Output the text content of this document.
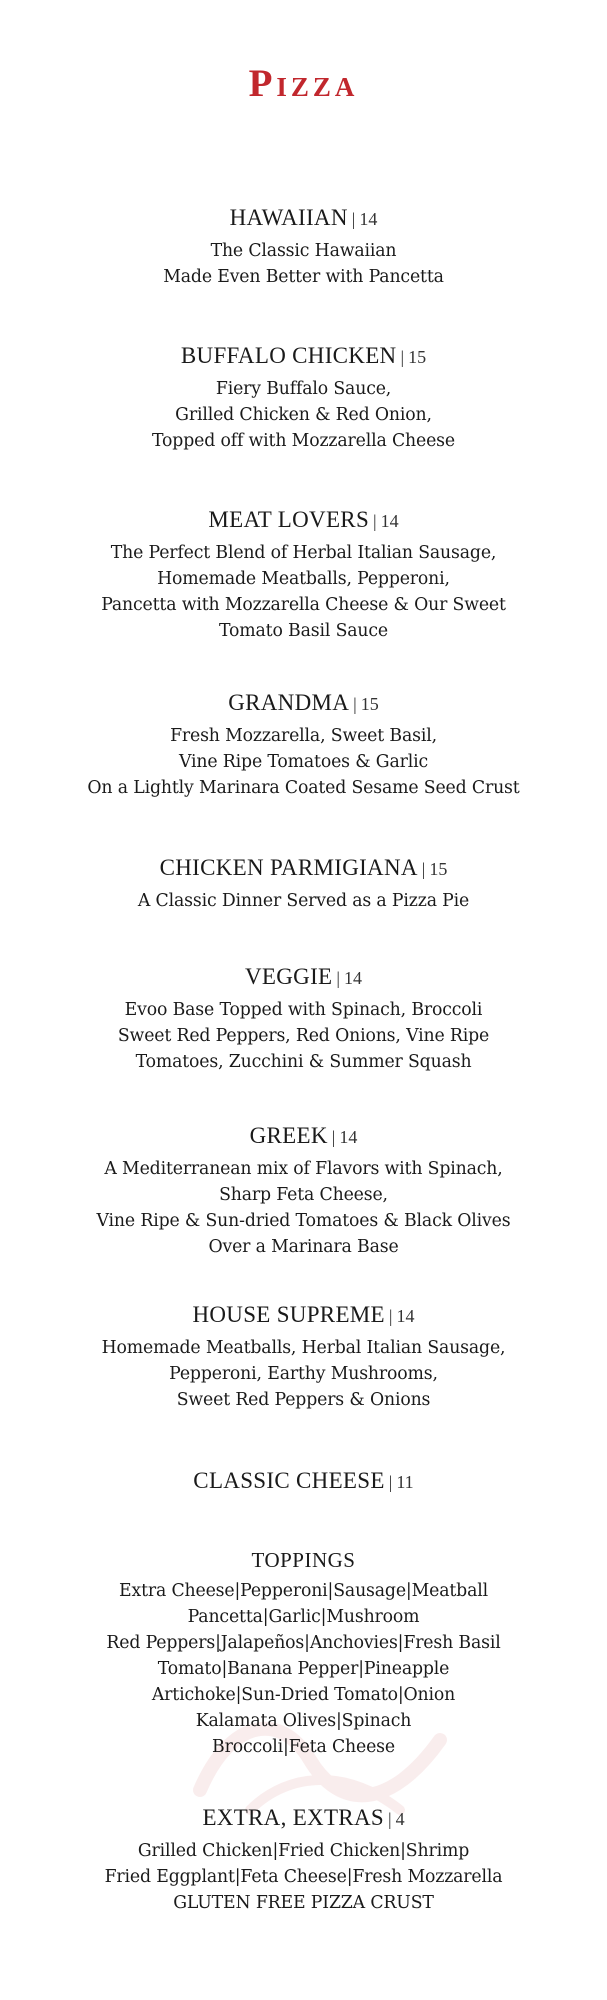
Pizza
HAWAIIAN | 14
The Classic Hawaiian
Made Even Better with Pancetta
BUFFALO CHICKEN | 15
Fiery Buffalo Sauce,
Grilled Chicken & Red Onion,
Topped off with Mozzarella Cheese
MEAT LOVERS | 14
The Perfect Blend of Herbal Italian Sausage,
Homemade Meatballs, Pepperoni,
Pancetta with Mozzarella Cheese & Our Sweet
Tomato Basil Sauce
GRANDMA | 15
Fresh Mozzarella, Sweet Basil,
Vine Ripe Tomatoes & Garlic
On a Lightly Marinara Coated Sesame Seed Crust
CHICKEN PARMIGIANA | 15
A Classic Dinner Served as a Pizza Pie
VEGGIE | 14
Evoo Base Topped with Spinach, Broccoli
Sweet Red Peppers, Red Onions, Vine Ripe
Tomatoes, Zucchini & Summer Squash
GREEK | 14
A Mediterranean mix of Flavors with Spinach,
Sharp Feta Cheese,
Vine Ripe & Sun-dried Tomatoes & Black Olives
Over a Marinara Base
HOUSE SUPREME | 14
Homemade Meatballs, Herbal Italian Sausage,
Pepperoni, Earthy Mushrooms,
Sweet Red Peppers & Onions
CLASSIC CHEESE | 11
TOPPINGS
Extra Cheese|Pepperoni|Sausage|Meatball
Pancetta|Garlic|Mushroom
Red Peppers|Jalapeños|Anchovies|Fresh Basil
Tomato|Banana Pepper|Pineapple
Artichoke|Sun-Dried Tomato|Onion
Kalamata Olives|Spinach
Broccoli|Feta Cheese
EXTRA, EXTRAS | 4
Grilled Chicken|Fried Chicken|Shrimp
Fried Eggplant|Feta Cheese|Fresh Mozzarella
GLUTEN FREE PIZZA CRUST
